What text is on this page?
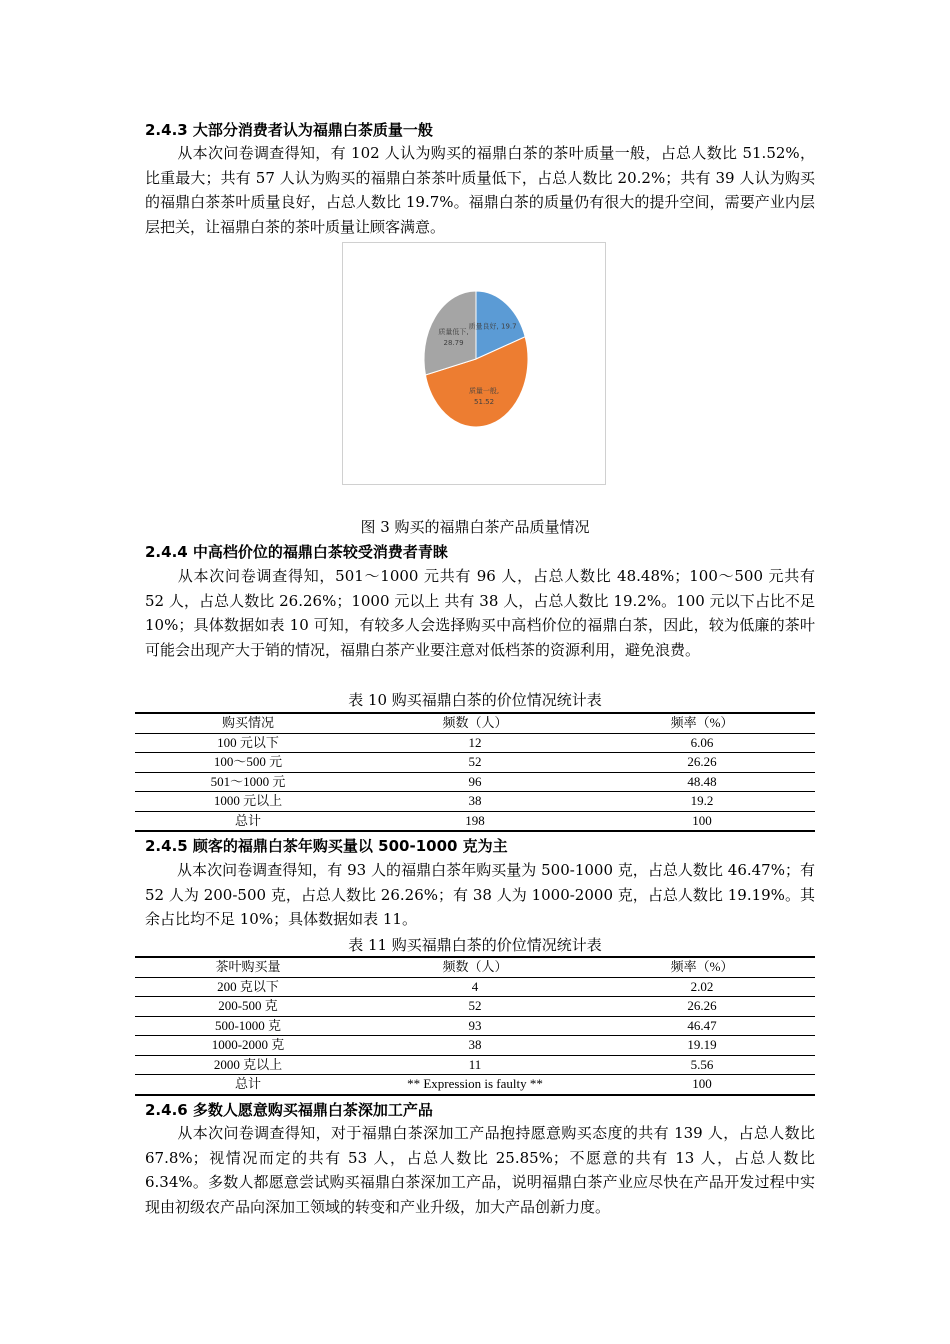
2.4.3 大部分消费者认为福鼎白茶质量一般
从本次问卷调查得知，有 102 人认为购买的福鼎白茶的茶叶质量一般，占总人数比 51.52%，比重最大；共有 57 人认为购买的福鼎白茶茶叶质量低下，占总人数比 20.2%；共有 39 人认为购买的福鼎白茶茶叶质量良好，占总人数比 19.7%。福鼎白茶的质量仍有很大的提升空间，需要产业内层层把关，让福鼎白茶的茶叶质量让顾客满意。
质量良好, 19.7
质量一般, 51.52
质量低下, 28.79
图 3 购买的福鼎白茶产品质量情况
2.4.4 中高档价位的福鼎白茶较受消费者青睐
从本次问卷调查得知，501～1000 元共有 96 人，占总人数比 48.48%；100～500 元共有 52 人，占总人数比 26.26%；1000 元以上 共有 38 人，占总人数比 19.2%。100 元以下占比不足 10%；具体数据如表 10 可知，有较多人会选择购买中高档价位的福鼎白茶，因此，较为低廉的茶叶可能会出现产大于销的情况，福鼎白茶产业要注意对低档茶的资源利用，避免浪费。
表 10 购买福鼎白茶的价位情况统计表
购买情况	频数（人）	频率（%）
100 元以下	12	6.06
100～500 元	52	26.26
501～1000 元	96	48.48
1000 元以上	38	19.2
总计	198	100
2.4.5 顾客的福鼎白茶年购买量以 500-1000 克为主
从本次问卷调查得知，有 93 人的福鼎白茶年购买量为 500-1000 克，占总人数比 46.47%；有 52 人为 200-500 克，占总人数比 26.26%；有 38 人为 1000-2000 克，占总人数比 19.19%。其余占比均不足 10%；具体数据如表 11。
表 11 购买福鼎白茶的价位情况统计表
茶叶购买量	频数（人）	频率（%）
200 克以下	4	2.02
200-500 克	52	26.26
500-1000 克	93	46.47
1000-2000 克	38	19.19
2000 克以上	11	5.56
总计	** Expression is faulty **	100
2.4.6 多数人愿意购买福鼎白茶深加工产品
从本次问卷调查得知，对于福鼎白茶深加工产品抱持愿意购买态度的共有 139 人，占总人数比 67.8%；视情况而定的共有 53 人，占总人数比 25.85%；不愿意的共有 13 人，占总人数比 6.34%。多数人都愿意尝试购买福鼎白茶深加工产品，说明福鼎白茶产业应尽快在产品开发过程中实现由初级农产品向深加工领域的转变和产业升级，加大产品创新力度。
